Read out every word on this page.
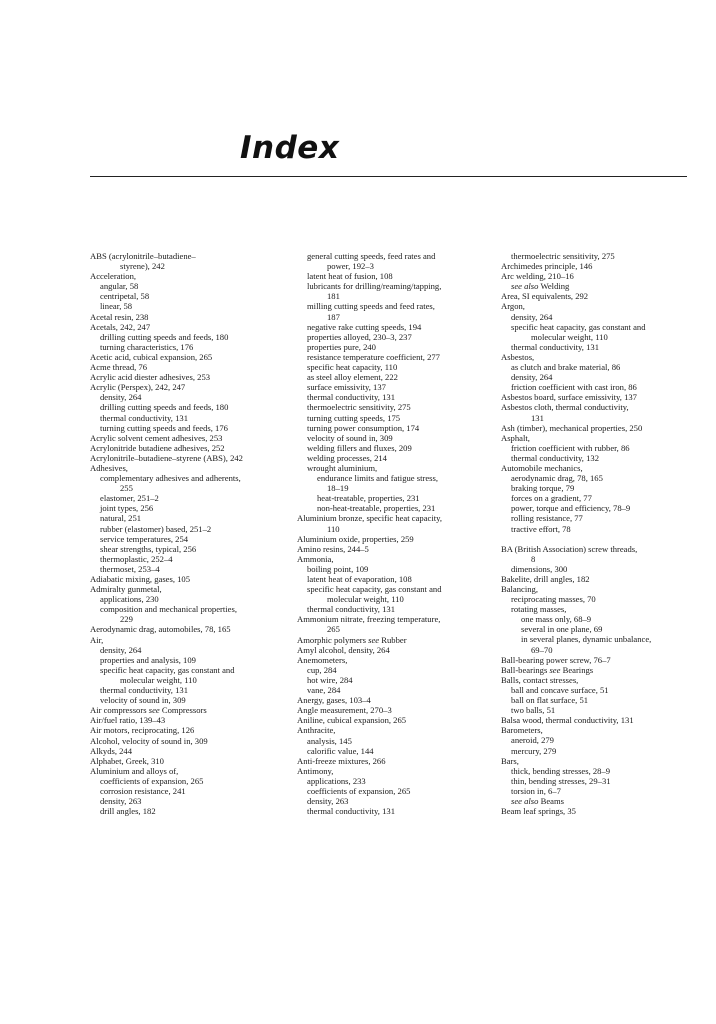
Index
ABS (acrylonitrile–butadiene–
styrene), 242
Acceleration,
angular, 58
centripetal, 58
linear, 58
Acetal resin, 238
Acetals, 242, 247
drilling cutting speeds and feeds, 180
turning characteristics, 176
Acetic acid, cubical expansion, 265
Acme thread, 76
Acrylic acid diester adhesives, 253
Acrylic (Perspex), 242, 247
density, 264
drilling cutting speeds and feeds, 180
thermal conductivity, 131
turning cutting speeds and feeds, 176
Acrylic solvent cement adhesives, 253
Acrylonitride butadiene adhesives, 252
Acrylonitrile–butadiene–styrene (ABS), 242
Adhesives,
complementary adhesives and adherents,
255
elastomer, 251–2
joint types, 256
natural, 251
rubber (elastomer) based, 251–2
service temperatures, 254
shear strengths, typical, 256
thermoplastic, 252–4
thermoset, 253–4
Adiabatic mixing, gases, 105
Admiralty gunmetal,
applications, 230
composition and mechanical properties,
229
Aerodynamic drag, automobiles, 78, 165
Air,
density, 264
properties and analysis, 109
specific heat capacity, gas constant and
molecular weight, 110
thermal conductivity, 131
velocity of sound in, 309
Air compressors see Compressors
Air/fuel ratio, 139–43
Air motors, reciprocating, 126
Alcohol, velocity of sound in, 309
Alkyds, 244
Alphabet, Greek, 310
Aluminium and alloys of,
coefficients of expansion, 265
corrosion resistance, 241
density, 263
drill angles, 182
general cutting speeds, feed rates and
power, 192–3
latent heat of fusion, 108
lubricants for drilling/reaming/tapping,
181
milling cutting speeds and feed rates,
187
negative rake cutting speeds, 194
properties alloyed, 230–3, 237
properties pure, 240
resistance temperature coefficient, 277
specific heat capacity, 110
as steel alloy element, 222
surface emissivity, 137
thermal conductivity, 131
thermoelectric sensitivity, 275
turning cutting speeds, 175
turning power consumption, 174
velocity of sound in, 309
welding fillers and fluxes, 209
welding processes, 214
wrought aluminium,
endurance limits and fatigue stress,
18–19
heat-treatable, properties, 231
non-heat-treatable, properties, 231
Aluminium bronze, specific heat capacity,
110
Aluminium oxide, properties, 259
Amino resins, 244–5
Ammonia,
boiling point, 109
latent heat of evaporation, 108
specific heat capacity, gas constant and
molecular weight, 110
thermal conductivity, 131
Ammonium nitrate, freezing temperature,
265
Amorphic polymers see Rubber
Amyl alcohol, density, 264
Anemometers,
cup, 284
hot wire, 284
vane, 284
Anergy, gases, 103–4
Angle measurement, 270–3
Aniline, cubical expansion, 265
Anthracite,
analysis, 145
calorific value, 144
Anti-freeze mixtures, 266
Antimony,
applications, 233
coefficients of expansion, 265
density, 263
thermal conductivity, 131
thermoelectric sensitivity, 275
Archimedes principle, 146
Arc welding, 210–16
see also Welding
Area, SI equivalents, 292
Argon,
density, 264
specific heat capacity, gas constant and
molecular weight, 110
thermal conductivity, 131
Asbestos,
as clutch and brake material, 86
density, 264
friction coefficient with cast iron, 86
Asbestos board, surface emissivity, 137
Asbestos cloth, thermal conductivity,
131
Ash (timber), mechanical properties, 250
Asphalt,
friction coefficient with rubber, 86
thermal conductivity, 132
Automobile mechanics,
aerodynamic drag, 78, 165
braking torque, 79
forces on a gradient, 77
power, torque and efficiency, 78–9
rolling resistance, 77
tractive effort, 78
BA (British Association) screw threads,
8
dimensions, 300
Bakelite, drill angles, 182
Balancing,
reciprocating masses, 70
rotating masses,
one mass only, 68–9
several in one plane, 69
in several planes, dynamic unbalance,
69–70
Ball-bearing power screw, 76–7
Ball-bearings see Bearings
Balls, contact stresses,
ball and concave surface, 51
ball on flat surface, 51
two balls, 51
Balsa wood, thermal conductivity, 131
Barometers,
aneroid, 279
mercury, 279
Bars,
thick, bending stresses, 28–9
thin, bending stresses, 29–31
torsion in, 6–7
see also Beams
Beam leaf springs, 35
